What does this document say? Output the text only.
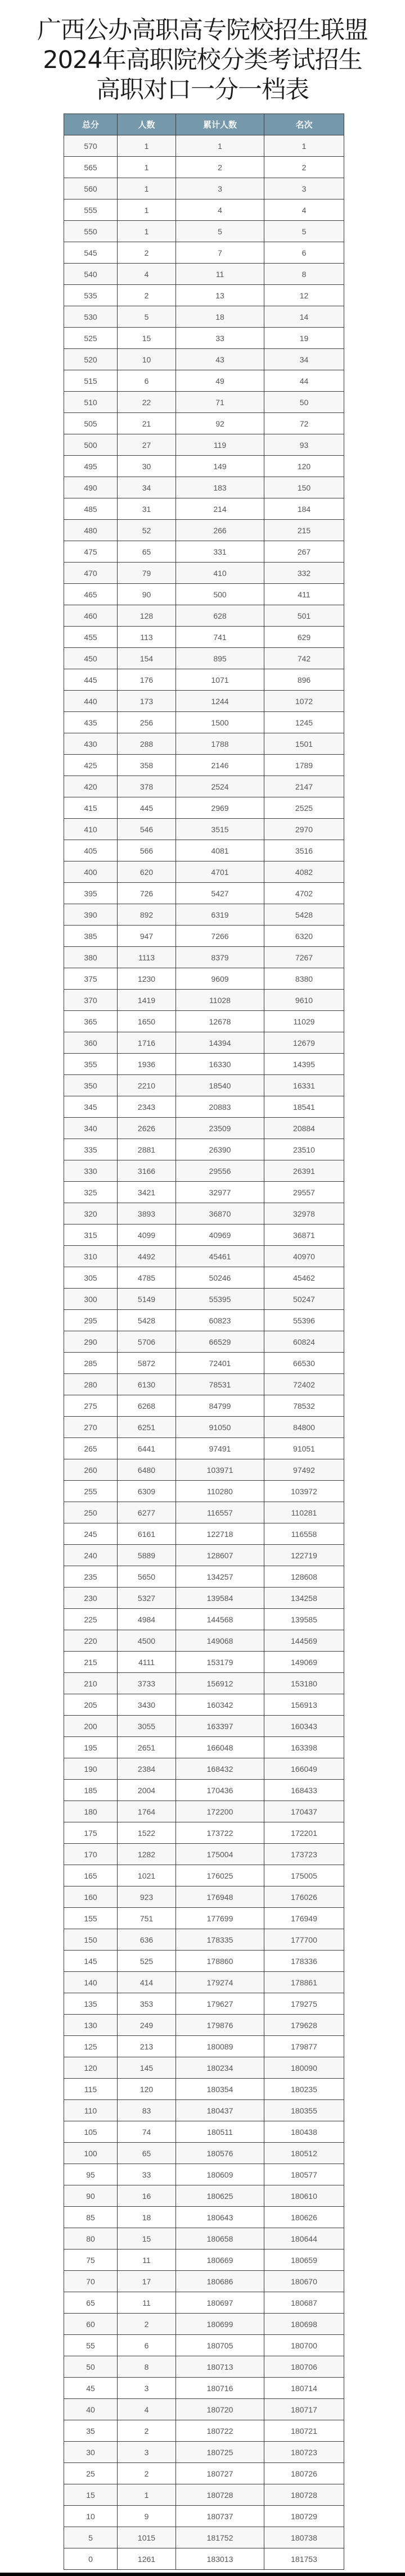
广西公办高职高专院校招生联盟
2024年高职院校分类考试招生
高职对口一分一档表
总分	人数	累计人数	名次
570	1	1	1
565	1	2	2
560	1	3	3
555	1	4	4
550	1	5	5
545	2	7	6
540	4	11	8
535	2	13	12
530	5	18	14
525	15	33	19
520	10	43	34
515	6	49	44
510	22	71	50
505	21	92	72
500	27	119	93
495	30	149	120
490	34	183	150
485	31	214	184
480	52	266	215
475	65	331	267
470	79	410	332
465	90	500	411
460	128	628	501
455	113	741	629
450	154	895	742
445	176	1071	896
440	173	1244	1072
435	256	1500	1245
430	288	1788	1501
425	358	2146	1789
420	378	2524	2147
415	445	2969	2525
410	546	3515	2970
405	566	4081	3516
400	620	4701	4082
395	726	5427	4702
390	892	6319	5428
385	947	7266	6320
380	1113	8379	7267
375	1230	9609	8380
370	1419	11028	9610
365	1650	12678	11029
360	1716	14394	12679
355	1936	16330	14395
350	2210	18540	16331
345	2343	20883	18541
340	2626	23509	20884
335	2881	26390	23510
330	3166	29556	26391
325	3421	32977	29557
320	3893	36870	32978
315	4099	40969	36871
310	4492	45461	40970
305	4785	50246	45462
300	5149	55395	50247
295	5428	60823	55396
290	5706	66529	60824
285	5872	72401	66530
280	6130	78531	72402
275	6268	84799	78532
270	6251	91050	84800
265	6441	97491	91051
260	6480	103971	97492
255	6309	110280	103972
250	6277	116557	110281
245	6161	122718	116558
240	5889	128607	122719
235	5650	134257	128608
230	5327	139584	134258
225	4984	144568	139585
220	4500	149068	144569
215	4111	153179	149069
210	3733	156912	153180
205	3430	160342	156913
200	3055	163397	160343
195	2651	166048	163398
190	2384	168432	166049
185	2004	170436	168433
180	1764	172200	170437
175	1522	173722	172201
170	1282	175004	173723
165	1021	176025	175005
160	923	176948	176026
155	751	177699	176949
150	636	178335	177700
145	525	178860	178336
140	414	179274	178861
135	353	179627	179275
130	249	179876	179628
125	213	180089	179877
120	145	180234	180090
115	120	180354	180235
110	83	180437	180355
105	74	180511	180438
100	65	180576	180512
95	33	180609	180577
90	16	180625	180610
85	18	180643	180626
80	15	180658	180644
75	11	180669	180659
70	17	180686	180670
65	11	180697	180687
60	2	180699	180698
55	6	180705	180700
50	8	180713	180706
45	3	180716	180714
40	4	180720	180717
35	2	180722	180721
30	3	180725	180723
25	2	180727	180726
15	1	180728	180728
10	9	180737	180729
5	1015	181752	180738
0	1261	183013	181753
